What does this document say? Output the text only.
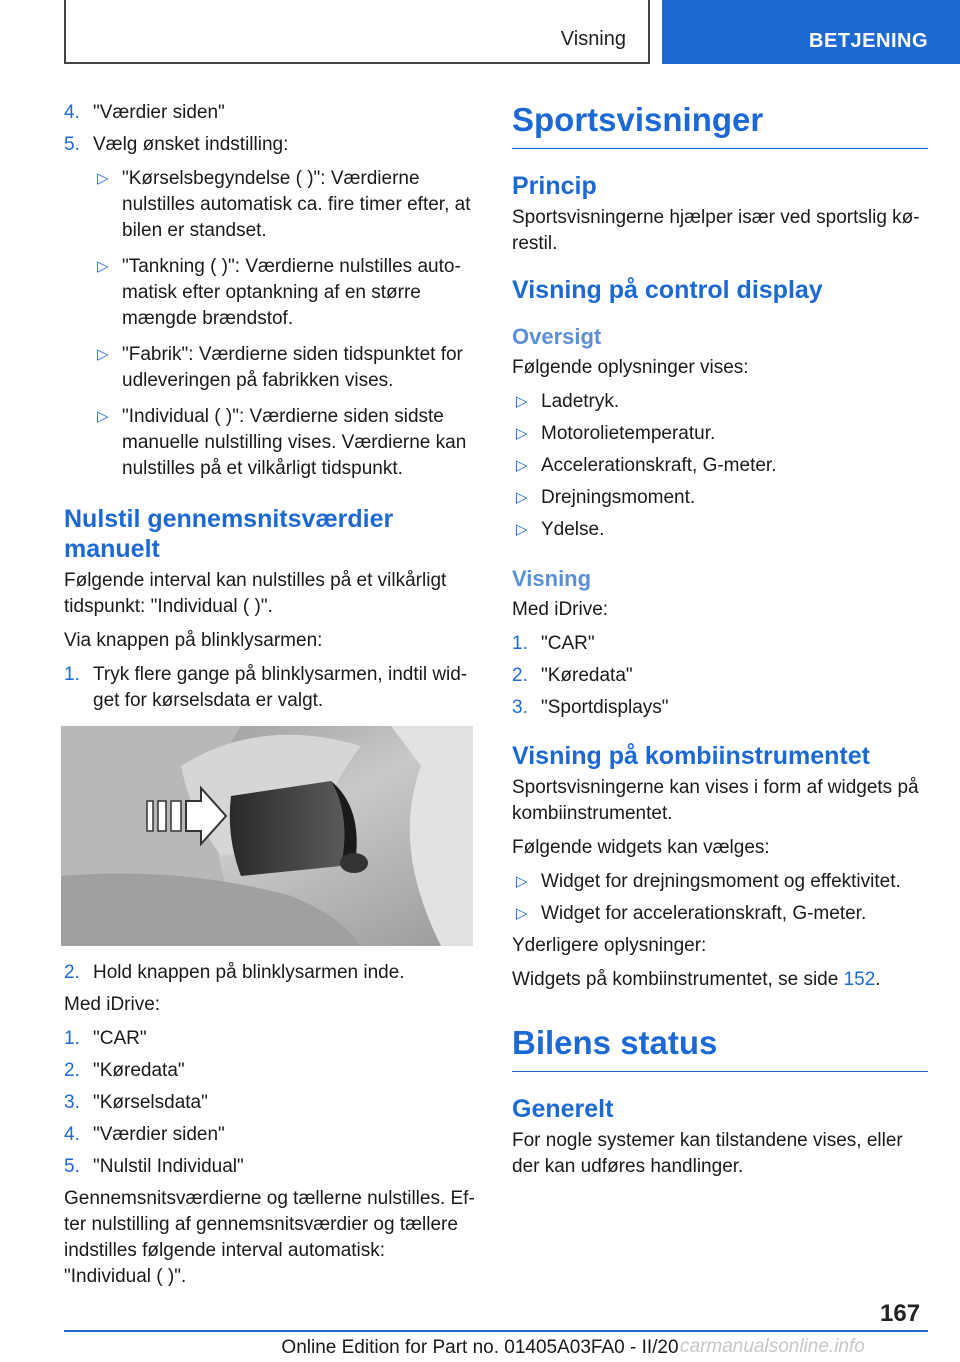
Visning	BETJENING
4. "Værdier siden"
5. Vælg ønsket indstilling:
▷ "Kørselsbegyndelse ( )": Værdierne nulstilles automatisk ca. fire timer efter, at bilen er standset.
▷ "Tankning ( )": Værdierne nulstilles automatisk efter optankning af en større mængde brændstof.
▷ "Fabrik": Værdierne siden tidspunktet for udleveringen på fabrikken vises.
▷ "Individual ( )": Værdierne siden sidste manuelle nulstilling vises. Værdierne kan nulstilles på et vilkårligt tidspunkt.
Nulstil gennemsnitsværdier manuelt

Følgende interval kan nulstilles på et vilkårligt tidspunkt: "Individual ( )".

Via knappen på blinklysarmen:

1. Tryk flere gange på blinklysarmen, indtil widget for kørselsdata er valgt.
2. Hold knappen på blinklysarmen inde.

Med iDrive:

1. "CAR"
2. "Køredata"
3. "Kørselsdata"
4. "Værdier siden"
5. "Nulstil Individual"

Gennemsnitsværdierne og tællerne nulstilles. Efter nulstilling af gennemsnitsværdier og tællere indstilles følgende interval automatisk: "Individual ( )".

Sportsvisninger
Princip

Sportsvisningerne hjælper især ved sportslig kørestil.

Visning på control display
Oversigt

Følgende oplysninger vises:

▷ Ladetryk.
▷ Motorolietemperatur.
▷ Accelerationskraft, G-meter.
▷ Drejningsmoment.
▷ Ydelse.
Visning

Med iDrive:

1. "CAR"
2. "Køredata"
3. "Sportdisplays"
Visning på kombiinstrumentet

Sportsvisningerne kan vises i form af widgets på kombiinstrumentet.

Følgende widgets kan vælges:

▷ Widget for drejningsmoment og effektivitet.
▷ Widget for accelerationskraft, G-meter.

Yderligere oplysninger:

Widgets på kombiinstrumentet, se side 152.

Bilens status
Generelt

For nogle systemer kan tilstandene vises, eller der kan udføres handlinger.

167
Online Edition for Part no. 01405A03FA0 - II/20 carmanualsonline.info
